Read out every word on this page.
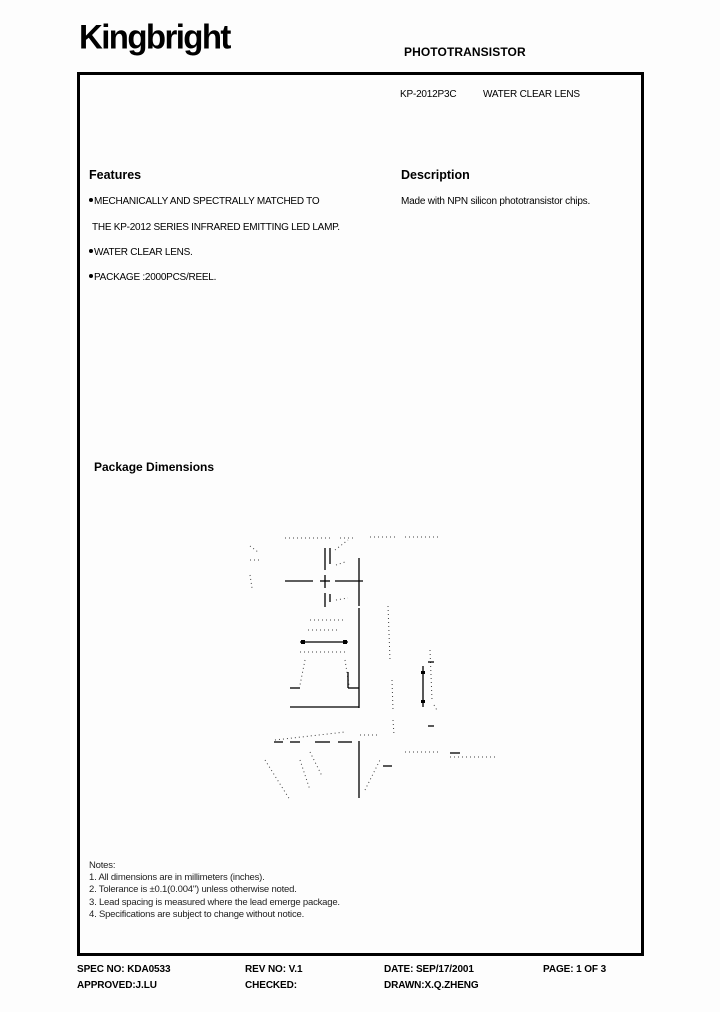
Kingbright	PHOTOTRANSISTOR
KP-2012P3C	WATER CLEAR LENS
Features
MECHANICALLY AND SPECTRALLY MATCHED TO
THE KP-2012 SERIES INFRARED EMITTING LED LAMP.
WATER CLEAR LENS.
PACKAGE :2000PCS/REEL.
Description
Made with NPN silicon phototransistor chips.
Package Dimensions
Notes:
1. All dimensions are in millimeters (inches).
2. Tolerance is ±0.1(0.004") unless otherwise noted.
3. Lead spacing is measured where the lead emerge package.
4. Specifications are subject to change without notice.
SPEC NO: KDA0533	REV NO: V.1	DATE: SEP/17/2001	PAGE: 1 OF 3
APPROVED:J.LU	CHECKED:	DRAWN:X.Q.ZHENG
